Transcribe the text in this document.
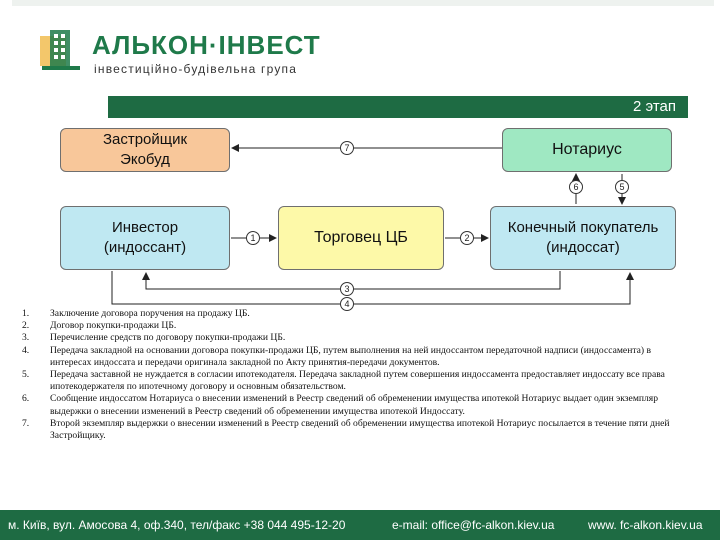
АЛЬКОН·ІНВЕСТ
інвестиційно-будівельна група
2 этап
Застройщик
Экобуд
Нотариус
Инвестор
(индоссант)
Торговец ЦБ
Конечный покупатель
(индоссат)
1	2
3
4
5
6
7
1. Заключение договора поручения на продажу ЦБ.
2. Договор покупки-продажи ЦБ.
3. Перечисление средств по договору покупки-продажи ЦБ.
4. Передача закладной на основании договора покупки-продажи ЦБ, путем выполнения на ней индоссантом передаточной надписи (индоссамента) в интересах индоссата и передачи оригинала закладной по Акту принятия-передачи документов.
5. Передача заставной не нуждается в согласии ипотекодателя. Передача закладной путем совершения индоссамента предоставляет индоссату все права ипотекодержателя по ипотечному договору и основным обязательством.
6. Сообщение индоссатом Нотариуса о внесении изменений в Реестр сведений об обременении имущества ипотекой Нотариус выдает один экземпляр выдержки о внесении изменений в Реестр сведений об обременении имущества ипотекой Индоссату.
7. Второй экземпляр выдержки о внесении изменений в Реестр сведений об обременении имущества ипотекой Нотариус посылается в течение пяти дней Застройщику.
м. Київ, вул. Амосова 4, оф.340, тел/факс +38 044 495-12-20	e-mail: office@fc-alkon.kiev.ua	www. fc-alkon.kiev.ua
